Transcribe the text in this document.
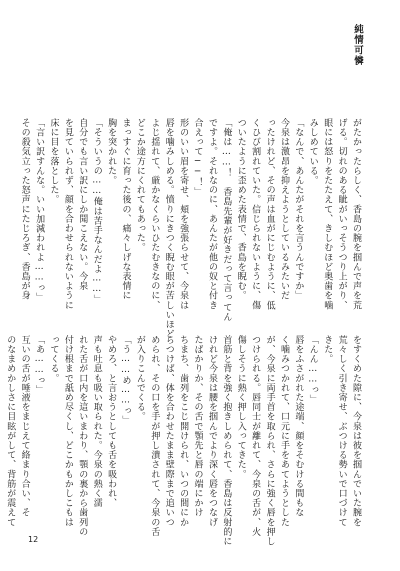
純情可憐
がたかったらしく、香島の腕を掴んで声を荒
げる。切れのある眦がいっそうつり上がり、
眼には怒りをたたえて、きしむほど奥歯を噛
みしめている。
「なんで、あんたがそれを言うんですか」
今泉は激昂を抑えようとしているみたいだ
ったけれど、その声は血がにじむように、低
くひび割れていた。信じられないように、傷
ついたように歪めた表情で、香島を睨む。
「俺は……！　香島先輩が好きだって言ってん
ですよ。それなのに、あんたが他の奴と付き
合えって──！」
形のいい眉を寄せ、頬を強張らせて、今泉は
唇を噛みしめる。憤りにきつく睨む眼が苦しいほど
よじ揺れて、厳かなくらいひたむきなのに、
どこか途方にくれてもあった。
まっすぐに育った後の、痛々しげな表情に
胸を突かれた。
「そういうの……俺は苦手なんだよ……」
自分でも言い訳にしか聞こえない。今泉
を見ていられず、顔を合わせられないように
床に目を落とした。
「言い訳すんな。いい加減われよ……っ」
その殺気立った怒声にたじろぎ、香島が身
をすくめた隙に、今泉は彼を掴んでいた腕を
荒々しく引き寄せ、ぶつける勢いで口づけて
きた。
「んん……っ」
唇をふさがれた途端、顔をそむける間もな
く噛みつかれて、口元に手をあてようとした
が、今泉に両手首を取られ、さらに強く唇を押し
つけられる。唇同士が離れて、今泉の舌が、火
傷しそうに熱く押し入ってきた。
首筋と背を強く抱きしめられて、香島は反射的に
けれど今泉は腰を掴んでより深く唇をつなげ
たばかりか、その舌で顎先と唇の端にかけ
ちまち、歯列をこじ開けられ、いつの間にか
らつけば、体を合わせたまま壁際まで追いつ
められ、その口を手が押し潰されて、今泉の舌
が入りこんでくる。
「う……め……っ」
やめろ、と言おうとしても舌を吸われ、
声も吐息も吸い取られた。今泉の熱く濡
れた舌が口内を這いまわり、顎の裏から歯列の
付け根まで舐め尽くし、どこかもかしこもは
ってくる。
「あ……っ」
互いの舌が唾液をまじえて絡まり合い、そ
のなまめかしさに目眩がして、背筋が震えて
12
